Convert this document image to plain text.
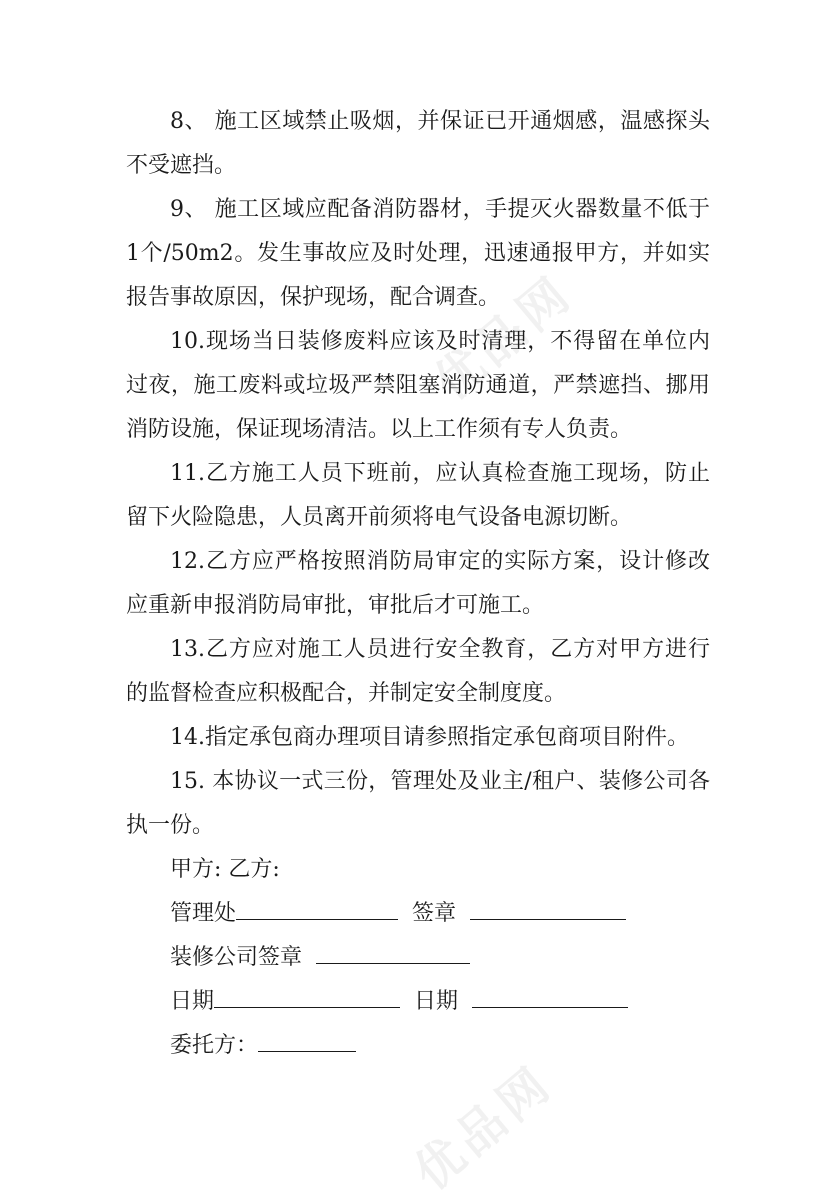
优品网
优品网

8、 施工区域禁止吸烟，并保证已开通烟感，温感探头不受遮挡。

9、 施工区域应配备消防器材，手提灭火器数量不低于1个/50m2。发生事故应及时处理，迅速通报甲方，并如实报告事故原因，保护现场，配合调查。

10.现场当日装修废料应该及时清理，不得留在单位内过夜，施工废料或垃圾严禁阻塞消防通道，严禁遮挡、挪用消防设施，保证现场清洁。以上工作须有专人负责。

11.乙方施工人员下班前，应认真检查施工现场，防止留下火险隐患，人员离开前须将电气设备电源切断。

12.乙方应严格按照消防局审定的实际方案，设计修改应重新申报消防局审批，审批后才可施工。

13.乙方应对施工人员进行安全教育，乙方对甲方进行的监督检查应积极配合，并制定安全制度度。

14.指定承包商办理项目请参照指定承包商项目附件。

15. 本协议一式三份，管理处及业主/租户、装修公司各执一份。

甲方: 乙方:

管理处	签章

装修公司签章

日期	日期

委托方：
